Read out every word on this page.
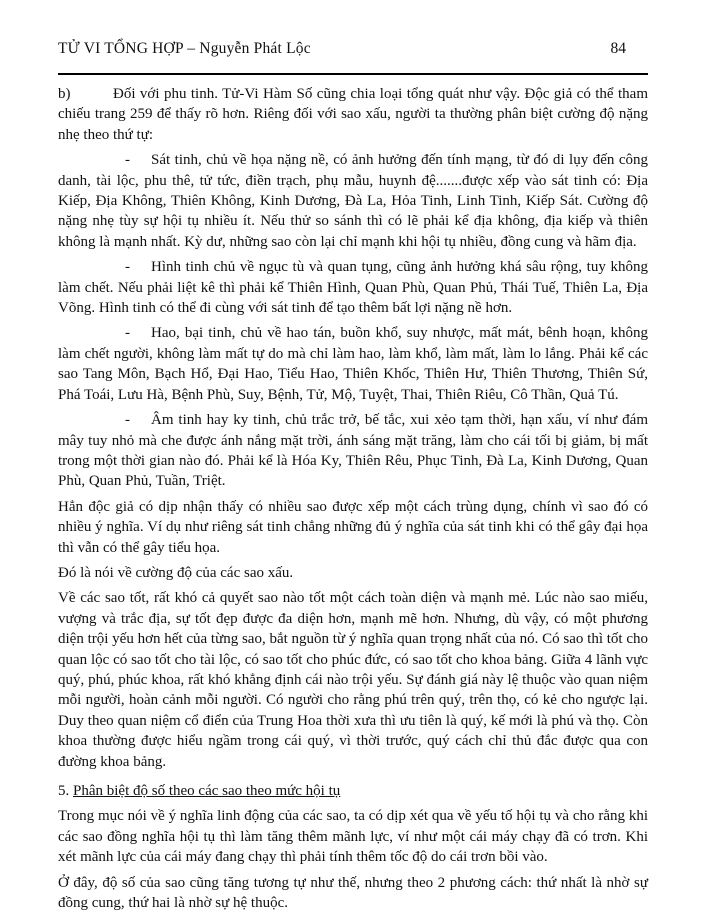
TỬ VI TỔNG HỢP – Nguyễn Phát Lộc	84

b)	Đối với phu tinh. Tử-Vi Hàm Số cũng chia loại tổng quát như vậy. Độc giả có thể tham chiếu trang 259 để thấy rõ hơn. Riêng đối với sao xấu, người ta thường phân biệt cường độ nặng nhẹ theo thứ tự:

- Sát tinh, chủ về họa nặng nề, có ảnh hưởng đến tính mạng, từ đó di lụy đến công danh, tài lộc, phu thê, tử tức, điền trạch, phụ mẫu, huynh đệ.......được xếp vào sát tinh có: Địa Kiếp, Địa Không, Thiên Không, Kinh Dương, Đà La, Hỏa Tinh, Linh Tinh, Kiếp Sát. Cường độ nặng nhẹ tùy sự hội tụ nhiều ít. Nếu thử so sánh thì có lẽ phải kể địa không, địa kiếp và thiên không là mạnh nhất. Kỳ dư, những sao còn lại chỉ mạnh khi hội tụ nhiều, đồng cung và hãm địa.

- Hình tinh chủ về ngục tù và quan tụng, cũng ảnh hưởng khá sâu rộng, tuy không làm chết. Nếu phải liệt kê thì phải kể Thiên Hình, Quan Phù, Quan Phủ, Thái Tuế, Thiên La, Địa Võng. Hình tinh có thể đi cùng với sát tinh để tạo thêm bất lợi nặng nề hơn.

- Hao, bại tinh, chủ về hao tán, buồn khổ, suy nhược, mất mát, bênh hoạn, không làm chết người, không làm mất tự do mà chỉ làm hao, làm khổ, làm mất, làm lo lắng. Phải kể các sao Tang Môn, Bạch Hổ, Đại Hao, Tiểu Hao, Thiên Khốc, Thiên Hư, Thiên Thương, Thiên Sứ, Phá Toái, Lưu Hà, Bệnh Phù, Suy, Bệnh, Tử, Mộ, Tuyệt, Thai, Thiên Riêu, Cô Thần, Quả Tú.

- Âm tinh hay ky tinh, chủ trắc trở, bế tắc, xui xẻo tạm thời, hạn xấu, ví như đám mây tuy nhỏ mà che được ánh nắng mặt trời, ánh sáng mặt trăng, làm cho cái tối bị giảm, bị mất trong một thời gian nào đó. Phải kể là Hóa Ky, Thiên Rêu, Phục Tinh, Đà La, Kinh Dương, Quan Phù, Quan Phủ, Tuần, Triệt.

Hẳn độc giả có dịp nhận thấy có nhiều sao được xếp một cách trùng dụng, chính vì sao đó có nhiều ý nghĩa. Ví dụ như riêng sát tinh chẳng những đủ ý nghĩa của sát tinh khi có thể gây đại họa thì vẫn có thể gây tiểu họa.

Đó là nói về cường độ của các sao xấu.

Về các sao tốt, rất khó cả quyết sao nào tốt một cách toàn diện và mạnh mẻ. Lúc nào sao miếu, vượng và trắc địa, sự tốt đẹp được đa diện hơn, mạnh mẽ hơn. Nhưng, dù vậy, có một phương diện trội yếu hơn hết của từng sao, bắt nguồn từ ý nghĩa quan trọng nhất của nó. Có sao thì tốt cho quan lộc có sao tốt cho tài lộc, có sao tốt cho phúc đức, có sao tốt cho khoa bảng. Giữa 4 lãnh vực quý, phú, phúc khoa, rất khó khẳng định cái nào trội yếu. Sự đánh giá này lệ thuộc vào quan niệm mỗi người, hoàn cảnh mỗi người. Có người cho rằng phú trên quý, trên thọ, có kẻ cho ngược lại. Duy theo quan niệm cổ điển của Trung Hoa thời xưa thì ưu tiên là quý, kế mới là phú và thọ. Còn khoa thường được hiểu ngầm trong cái quý, vì thời trước, quý cách chỉ thủ đắc được qua con đường khoa bảng.

5. Phân biệt độ số theo các sao theo mức hội tụ

Trong mục nói về ý nghĩa linh động của các sao, ta có dịp xét qua về yếu tố hội tụ và cho rằng khi các sao đồng nghĩa hội tụ thì làm tăng thêm mãnh lực, ví như một cái máy chạy đã có trơn. Khi xét mãnh lực của cái máy đang chạy thì phải tính thêm tốc độ do cái trơn bồi vào.

Ở đây, độ số của sao cũng tăng tương tự như thế, nhưng theo 2 phương cách: thứ nhất là nhờ sự đồng cung, thứ hai là nhờ sự hệ thuộc.
